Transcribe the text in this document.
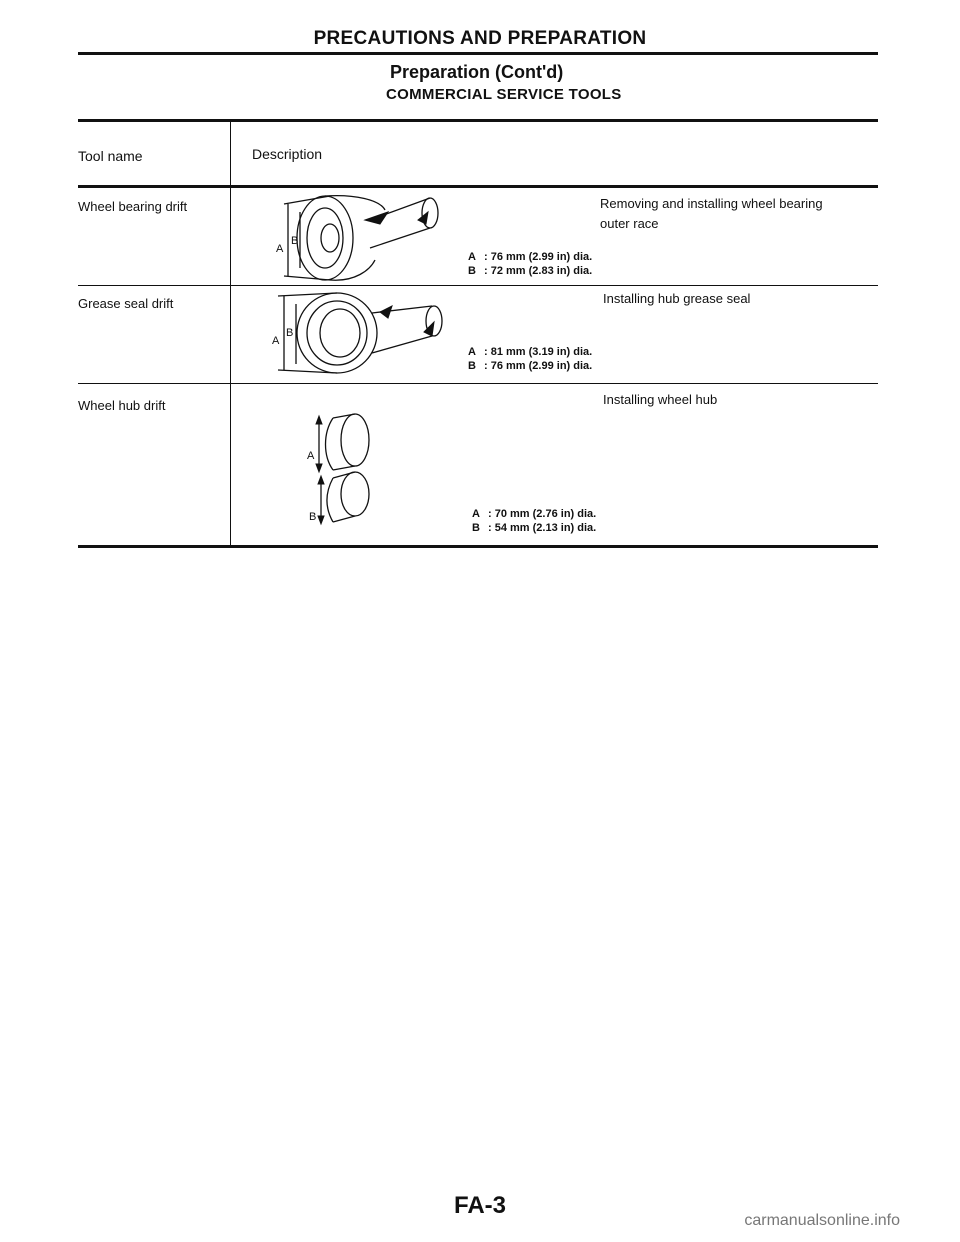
PRECAUTIONS AND PREPARATION
Preparation (Cont'd)
COMMERCIAL SERVICE TOOLS
Tool name	Description
Wheel bearing drift	Removing and installing wheel bearing
outer race
A : 76 mm (2.99 in) dia.
B : 72 mm (2.83 in) dia.
A
B
Grease seal drift	Installing hub grease seal
A : 81 mm (3.19 in) dia.
B : 76 mm (2.99 in) dia.
A
B
Wheel hub drift	Installing wheel hub
A : 70 mm (2.76 in) dia.
B : 54 mm (2.13 in) dia.
A
B
FA-3
carmanualsonline.info
